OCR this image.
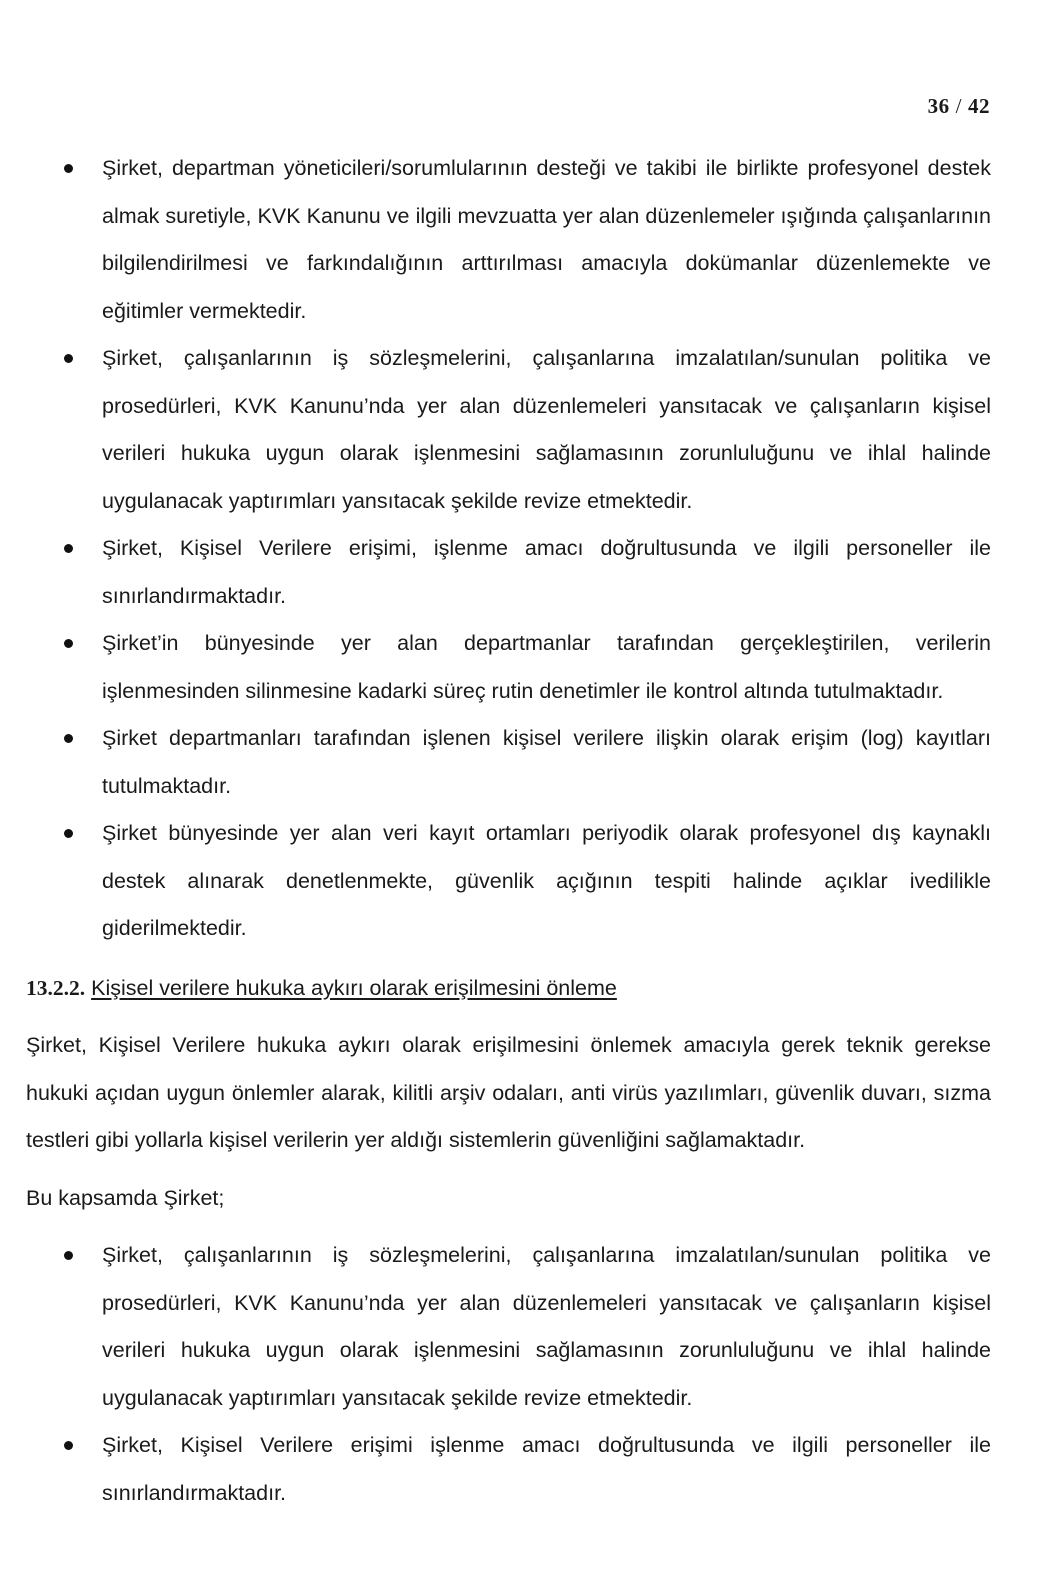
36 / 42
Şirket, departman yöneticileri/sorumlularının desteği ve takibi ile birlikte profesyonel destek almak suretiyle, KVK Kanunu ve ilgili mevzuatta yer alan düzenlemeler ışığında çalışanlarının bilgilendirilmesi ve farkındalığının arttırılması amacıyla dokümanlar düzenlemekte ve eğitimler vermektedir.
Şirket, çalışanlarının iş sözleşmelerini, çalışanlarına imzalatılan/sunulan politika ve prosedürleri, KVK Kanunu’nda yer alan düzenlemeleri yansıtacak ve çalışanların kişisel verileri hukuka uygun olarak işlenmesini sağlamasının zorunluluğunu ve ihlal halinde uygulanacak yaptırımları yansıtacak şekilde revize etmektedir.
Şirket, Kişisel Verilere erişimi, işlenme amacı doğrultusunda ve ilgili personeller ile sınırlandırmaktadır.
Şirket’in bünyesinde yer alan departmanlar tarafından gerçekleştirilen, verilerin işlenmesinden silinmesine kadarki süreç rutin denetimler ile kontrol altında tutulmaktadır.
Şirket departmanları tarafından işlenen kişisel verilere ilişkin olarak erişim (log) kayıtları tutulmaktadır.
Şirket bünyesinde yer alan veri kayıt ortamları periyodik olarak profesyonel dış kaynaklı destek alınarak denetlenmekte, güvenlik açığının tespiti halinde açıklar ivedilikle giderilmektedir.
13.2.2. Kişisel verilere hukuka aykırı olarak erişilmesini önleme

Şirket, Kişisel Verilere hukuka aykırı olarak erişilmesini önlemek amacıyla gerek teknik gerekse hukuki açıdan uygun önlemler alarak, kilitli arşiv odaları, anti virüs yazılımları, güvenlik duvarı, sızma testleri gibi yollarla kişisel verilerin yer aldığı sistemlerin güvenliğini sağlamaktadır.

Bu kapsamda Şirket;

Şirket, çalışanlarının iş sözleşmelerini, çalışanlarına imzalatılan/sunulan politika ve prosedürleri, KVK Kanunu’nda yer alan düzenlemeleri yansıtacak ve çalışanların kişisel verileri hukuka uygun olarak işlenmesini sağlamasının zorunluluğunu ve ihlal halinde uygulanacak yaptırımları yansıtacak şekilde revize etmektedir.
Şirket, Kişisel Verilere erişimi işlenme amacı doğrultusunda ve ilgili personeller ile sınırlandırmaktadır.
